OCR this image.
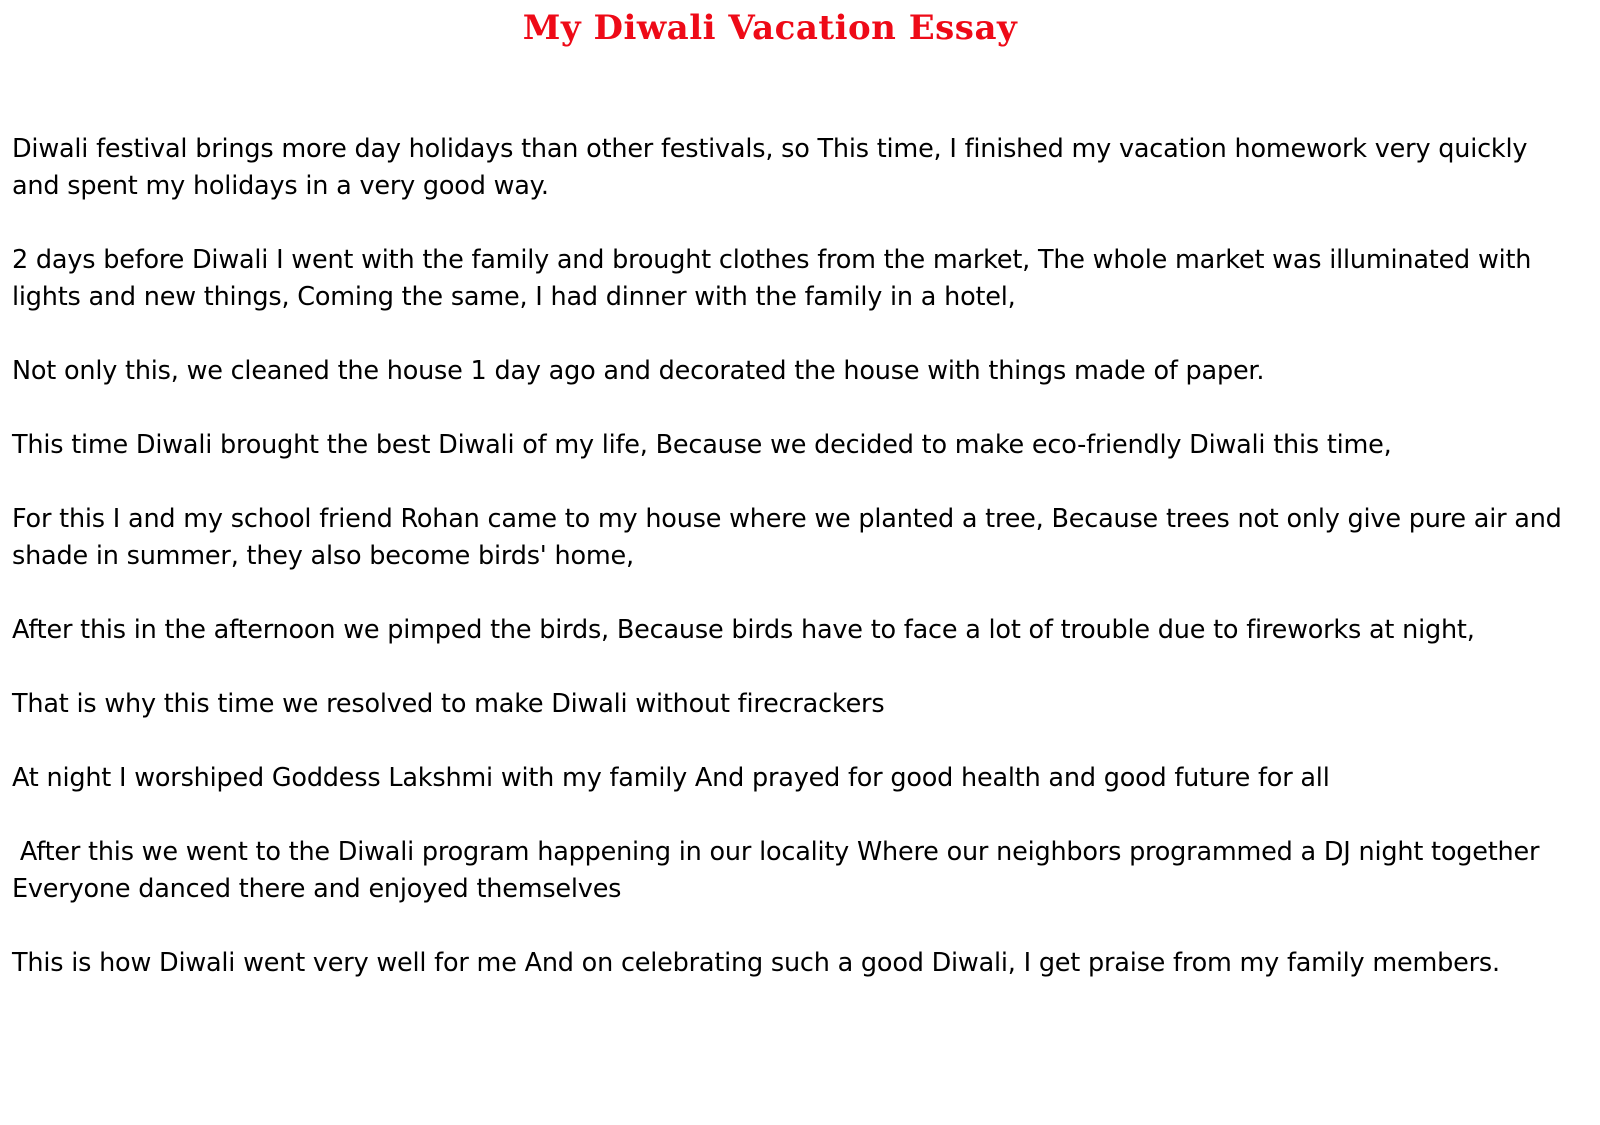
My Diwali Vacation Essay

Diwali festival brings more day holidays than other festivals, so This time, I finished my vacation homework very quickly and spent my holidays in a very good way.

2 days before Diwali I went with the family and brought clothes from the market, The whole market was illuminated with lights and new things, Coming the same, I had dinner with the family in a hotel,

Not only this, we cleaned the house 1 day ago and decorated the house with things made of paper.

This time Diwali brought the best Diwali of my life, Because we decided to make eco-friendly Diwali this time,

For this I and my school friend Rohan came to my house where we planted a tree, Because trees not only give pure air and shade in summer, they also become birds' home,

After this in the afternoon we pimped the birds, Because birds have to face a lot of trouble due to fireworks at night,

That is why this time we resolved to make Diwali without firecrackers

At night I worshiped Goddess Lakshmi with my family And prayed for good health and good future for all

After this we went to the Diwali program happening in our locality Where our neighbors programmed a DJ night together Everyone danced there and enjoyed themselves

This is how Diwali went very well for me And on celebrating such a good Diwali, I get praise from my family members.
